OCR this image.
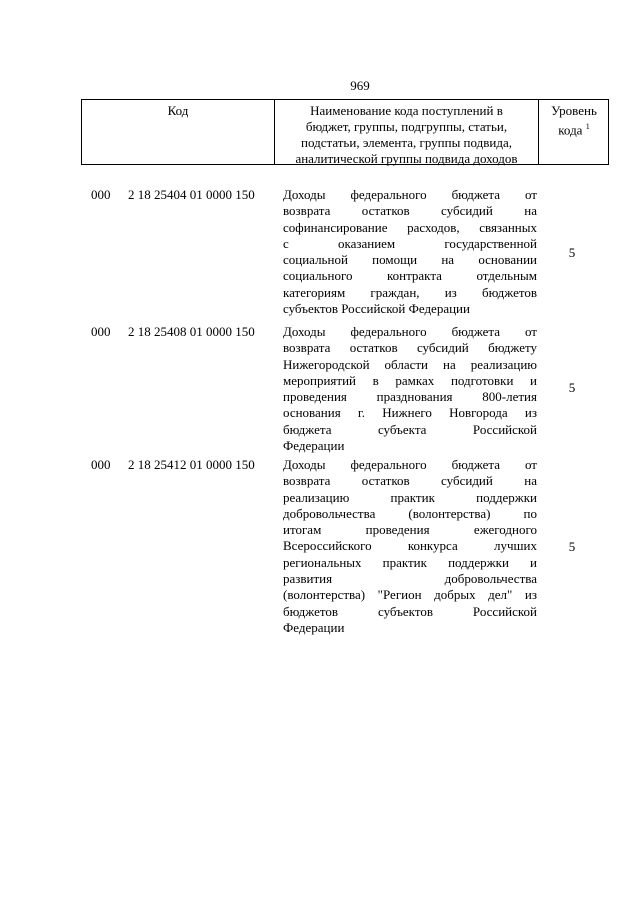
969
Код	Наименование кода поступлений в
бюджет, группы, подгруппы, статьи,
подстатьи, элемента, группы подвида,
аналитической группы подвида доходов
Уровень
кода $^1$
000 2 18 25404 01 0000 150 Доходы федерального бюджета от
возврата остатков субсидий на
софинансирование расходов, связанных
с оказанием государственной
социальной помощи на основании
социального контракта отдельным
категориям граждан, из бюджетов
субъектов Российской Федерации
5
000 2 18 25408 01 0000 150 Доходы федерального бюджета от
возврата остатков субсидий бюджету
Нижегородской области на реализацию
мероприятий в рамках подготовки и
проведения празднования 800-летия
основания г. Нижнего Новгорода из
бюджета субъекта Российской
Федерации
5
000 2 18 25412 01 0000 150 Доходы федерального бюджета от
возврата остатков субсидий на
реализацию практик поддержки
добровольчества (волонтерства) по
итогам проведения ежегодного
Всероссийского конкурса лучших
региональных практик поддержки и
развития добровольчества
(волонтерства) "Регион добрых дел" из
бюджетов субъектов Российской
Федерации
5
